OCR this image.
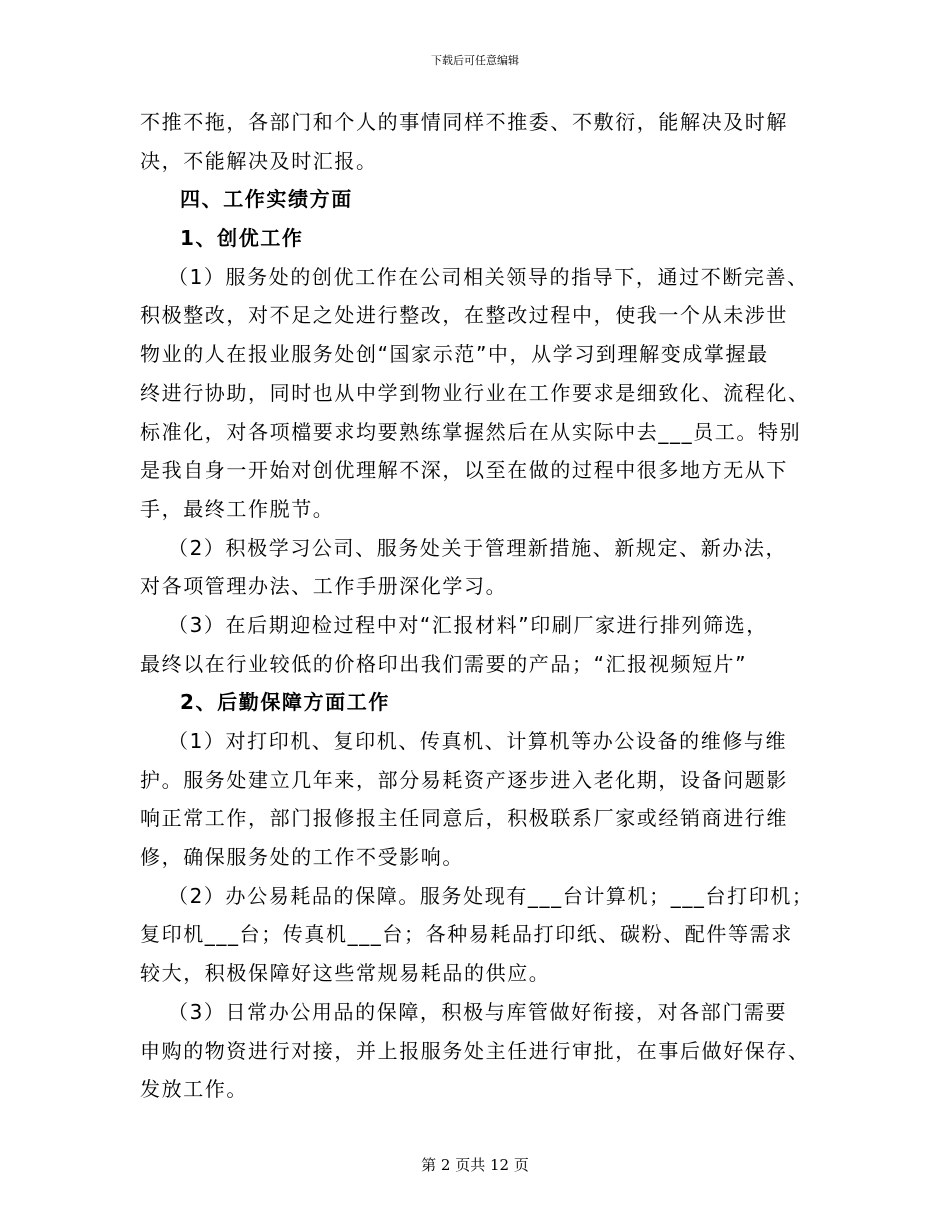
下载后可任意编辑
不推不拖，各部门和个人的事情同样不推委、不敷衍，能解决及时解
决，不能解决及时汇报。
四、工作实绩方面
1、创优工作
（1）服务处的创优工作在公司相关领导的指导下，通过不断完善、
积极整改，对不足之处进行整改，在整改过程中，使我一个从未涉世
物业的人在报业服务处创“国家示范”中，从学习到理解变成掌握最
终进行协助，同时也从中学到物业行业在工作要求是细致化、流程化、
标准化，对各项檔要求均要熟练掌握然后在从实际中去___员工。特别
是我自身一开始对创优理解不深，以至在做的过程中很多地方无从下
手，最终工作脱节。
（2）积极学习公司、服务处关于管理新措施、新规定、新办法，
对各项管理办法、工作手册深化学习。
（3）在后期迎检过程中对“汇报材料”印刷厂家进行排列筛选，
最终以在行业较低的价格印出我们需要的产品；“汇报视频短片”
2、后勤保障方面工作
（1）对打印机、复印机、传真机、计算机等办公设备的维修与维
护。服务处建立几年来，部分易耗资产逐步进入老化期，设备问题影
响正常工作，部门报修报主任同意后，积极联系厂家或经销商进行维
修，确保服务处的工作不受影响。
（2）办公易耗品的保障。服务处现有___台计算机；___台打印机；
复印机___台；传真机___台；各种易耗品打印纸、碳粉、配件等需求
较大，积极保障好这些常规易耗品的供应。
（3）日常办公用品的保障，积极与库管做好衔接，对各部门需要
申购的物资进行对接，并上报服务处主任进行审批，在事后做好保存、
发放工作。
第 2 页共 12 页
